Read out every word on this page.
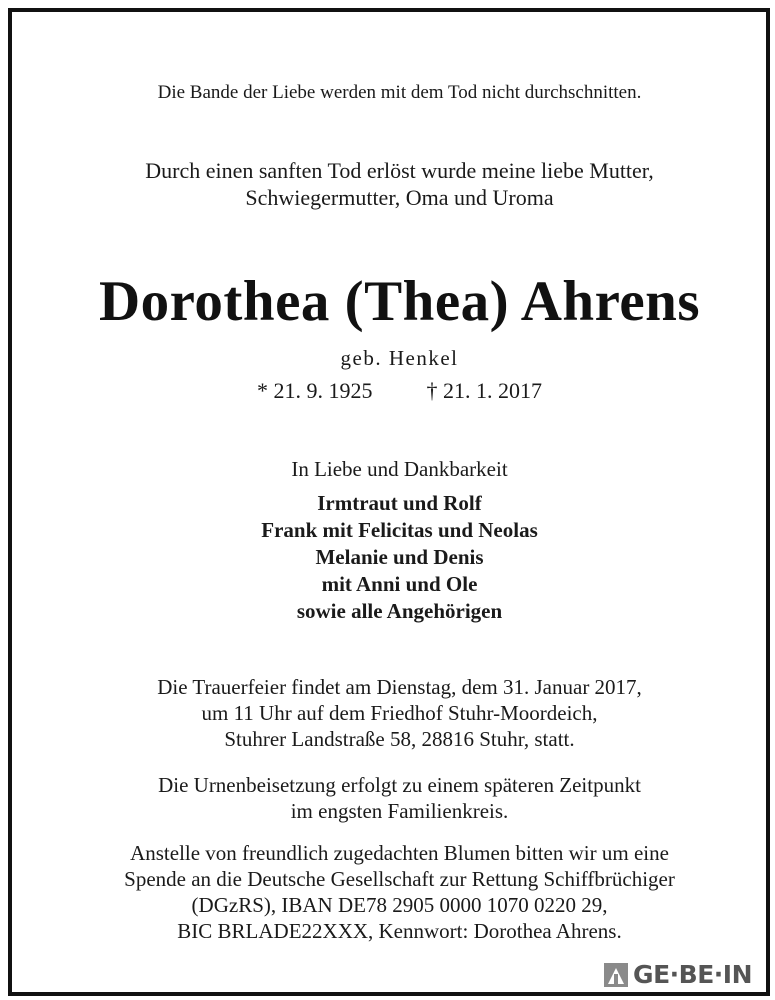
Die Bande der Liebe werden mit dem Tod nicht durchschnitten.
Durch einen sanften Tod erlöst wurde meine liebe Mutter,
Schwiegermutter, Oma und Uroma
Dorothea (Thea) Ahrens
geb. Henkel
* 21. 9. 1925 † 21. 1. 2017
In Liebe und Dankbarkeit
Irmtraut und Rolf
Frank mit Felicitas und Neolas
Melanie und Denis
mit Anni und Ole
sowie alle Angehörigen
Die Trauerfeier findet am Dienstag, dem 31. Januar 2017,
um 11 Uhr auf dem Friedhof Stuhr-Moordeich,
Stuhrer Landstraße 58, 28816 Stuhr, statt.
Die Urnenbeisetzung erfolgt zu einem späteren Zeitpunkt
im engsten Familienkreis.
Anstelle von freundlich zugedachten Blumen bitten wir um eine
Spende an die Deutsche Gesellschaft zur Rettung Schiffbrüchiger
(DGzRS), IBAN DE78 2905 0000 1070 0220 29,
BIC BRLADE22XXX, Kennwort: Dorothea Ahrens.
GE·BE·IN
